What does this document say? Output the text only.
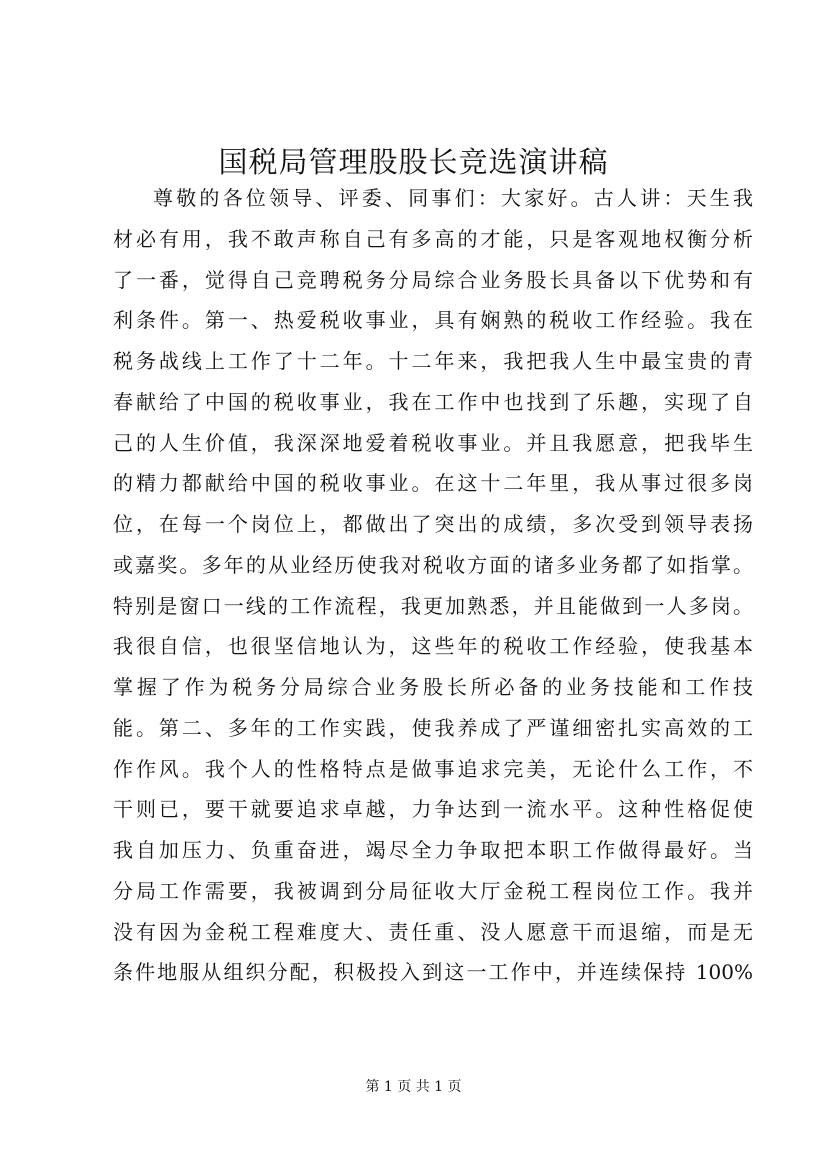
国税局管理股股长竞选演讲稿
尊敬的各位领导、评委、同事们：大家好。古人讲：天生我
材必有用，我不敢声称自己有多高的才能，只是客观地权衡分析
了一番，觉得自己竞聘税务分局综合业务股长具备以下优势和有
利条件。第一、热爱税收事业，具有娴熟的税收工作经验。我在
税务战线上工作了十二年。十二年来，我把我人生中最宝贵的青
春献给了中国的税收事业，我在工作中也找到了乐趣，实现了自
己的人生价值，我深深地爱着税收事业。并且我愿意，把我毕生
的精力都献给中国的税收事业。在这十二年里，我从事过很多岗
位，在每一个岗位上，都做出了突出的成绩，多次受到领导表扬
或嘉奖。多年的从业经历使我对税收方面的诸多业务都了如指掌。
特别是窗口一线的工作流程，我更加熟悉，并且能做到一人多岗。
我很自信，也很坚信地认为，这些年的税收工作经验，使我基本
掌握了作为税务分局综合业务股长所必备的业务技能和工作技
能。第二、多年的工作实践，使我养成了严谨细密扎实高效的工
作作风。我个人的性格特点是做事追求完美，无论什么工作，不
干则已，要干就要追求卓越，力争达到一流水平。这种性格促使
我自加压力、负重奋进，竭尽全力争取把本职工作做得最好。当
分局工作需要，我被调到分局征收大厅金税工程岗位工作。我并
没有因为金税工程难度大、责任重、没人愿意干而退缩，而是无
条件地服从组织分配，积极投入到这一工作中，并连续保持 100%
第 1 页 共 1 页
